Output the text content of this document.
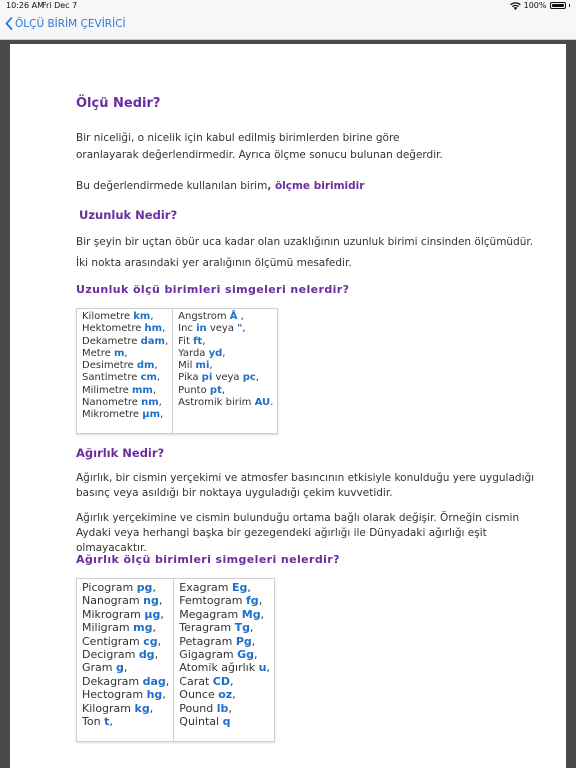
10:26 AM
Fri Dec 7	100%
ÖLÇÜ BİRİM ÇEVİRİCİ
Ölçü Nedir?

Bir niceliği, o nicelik için kabul edilmiş birimlerden birine göre oranlayarak değerlendirmedir. Ayrıca ölçme sonucu bulunan değerdir.

Bu değerlendirmede kullanılan birim, ölçme birimidir

Uzunluk Nedir?

Bir şeyin bir uçtan öbür uca kadar olan uzaklığının uzunluk birimi cinsinden ölçümüdür.

İki nokta arasındaki yer aralığının ölçümü mesafedir.

Uzunluk ölçü birimleri simgeleri nelerdir?
Kilometre km,
Hektometre hm,
Dekametre dam,
Metre m,
Desimetre dm,
Santimetre cm,
Milimetre mm,
Nanometre nm,
Mikrometre µm,

Angstrom Å ,
Inc in veya ",
Fit ft,
Yarda yd,
Mil mi,
Pika pi veya pc,
Punto pt,
Astromik birim AU.
Ağırlık Nedir?

Ağırlık, bir cismin yerçekimi ve atmosfer basıncının etkisiyle konulduğu yere uyguladığı basınç veya asıldığı bir noktaya uyguladığı çekim kuvvetidir.

Ağırlık yerçekimine ve cismin bulunduğu ortama bağlı olarak değişir. Örneğin cismin Aydaki veya herhangi başka bir gezegendeki ağırlığı ile Dünyadaki ağırlığı eşit olmayacaktır.

Ağırlık ölçü birimleri simgeleri nelerdir?
Picogram pg,
Nanogram ng,
Mikrogram µg,
Miligram mg,
Centigram cg,
Decigram dg,
Gram g,
Dekagram dag,
Hectogram hg,
Kilogram kg,
Ton t,

Exagram Eg,
Femtogram fg,
Megagram Mg,
Teragram Tg,
Petagram Pg,
Gigagram Gg,
Atomik ağırlık u,
Carat CD,
Ounce oz,
Pound lb,
Quintal q
